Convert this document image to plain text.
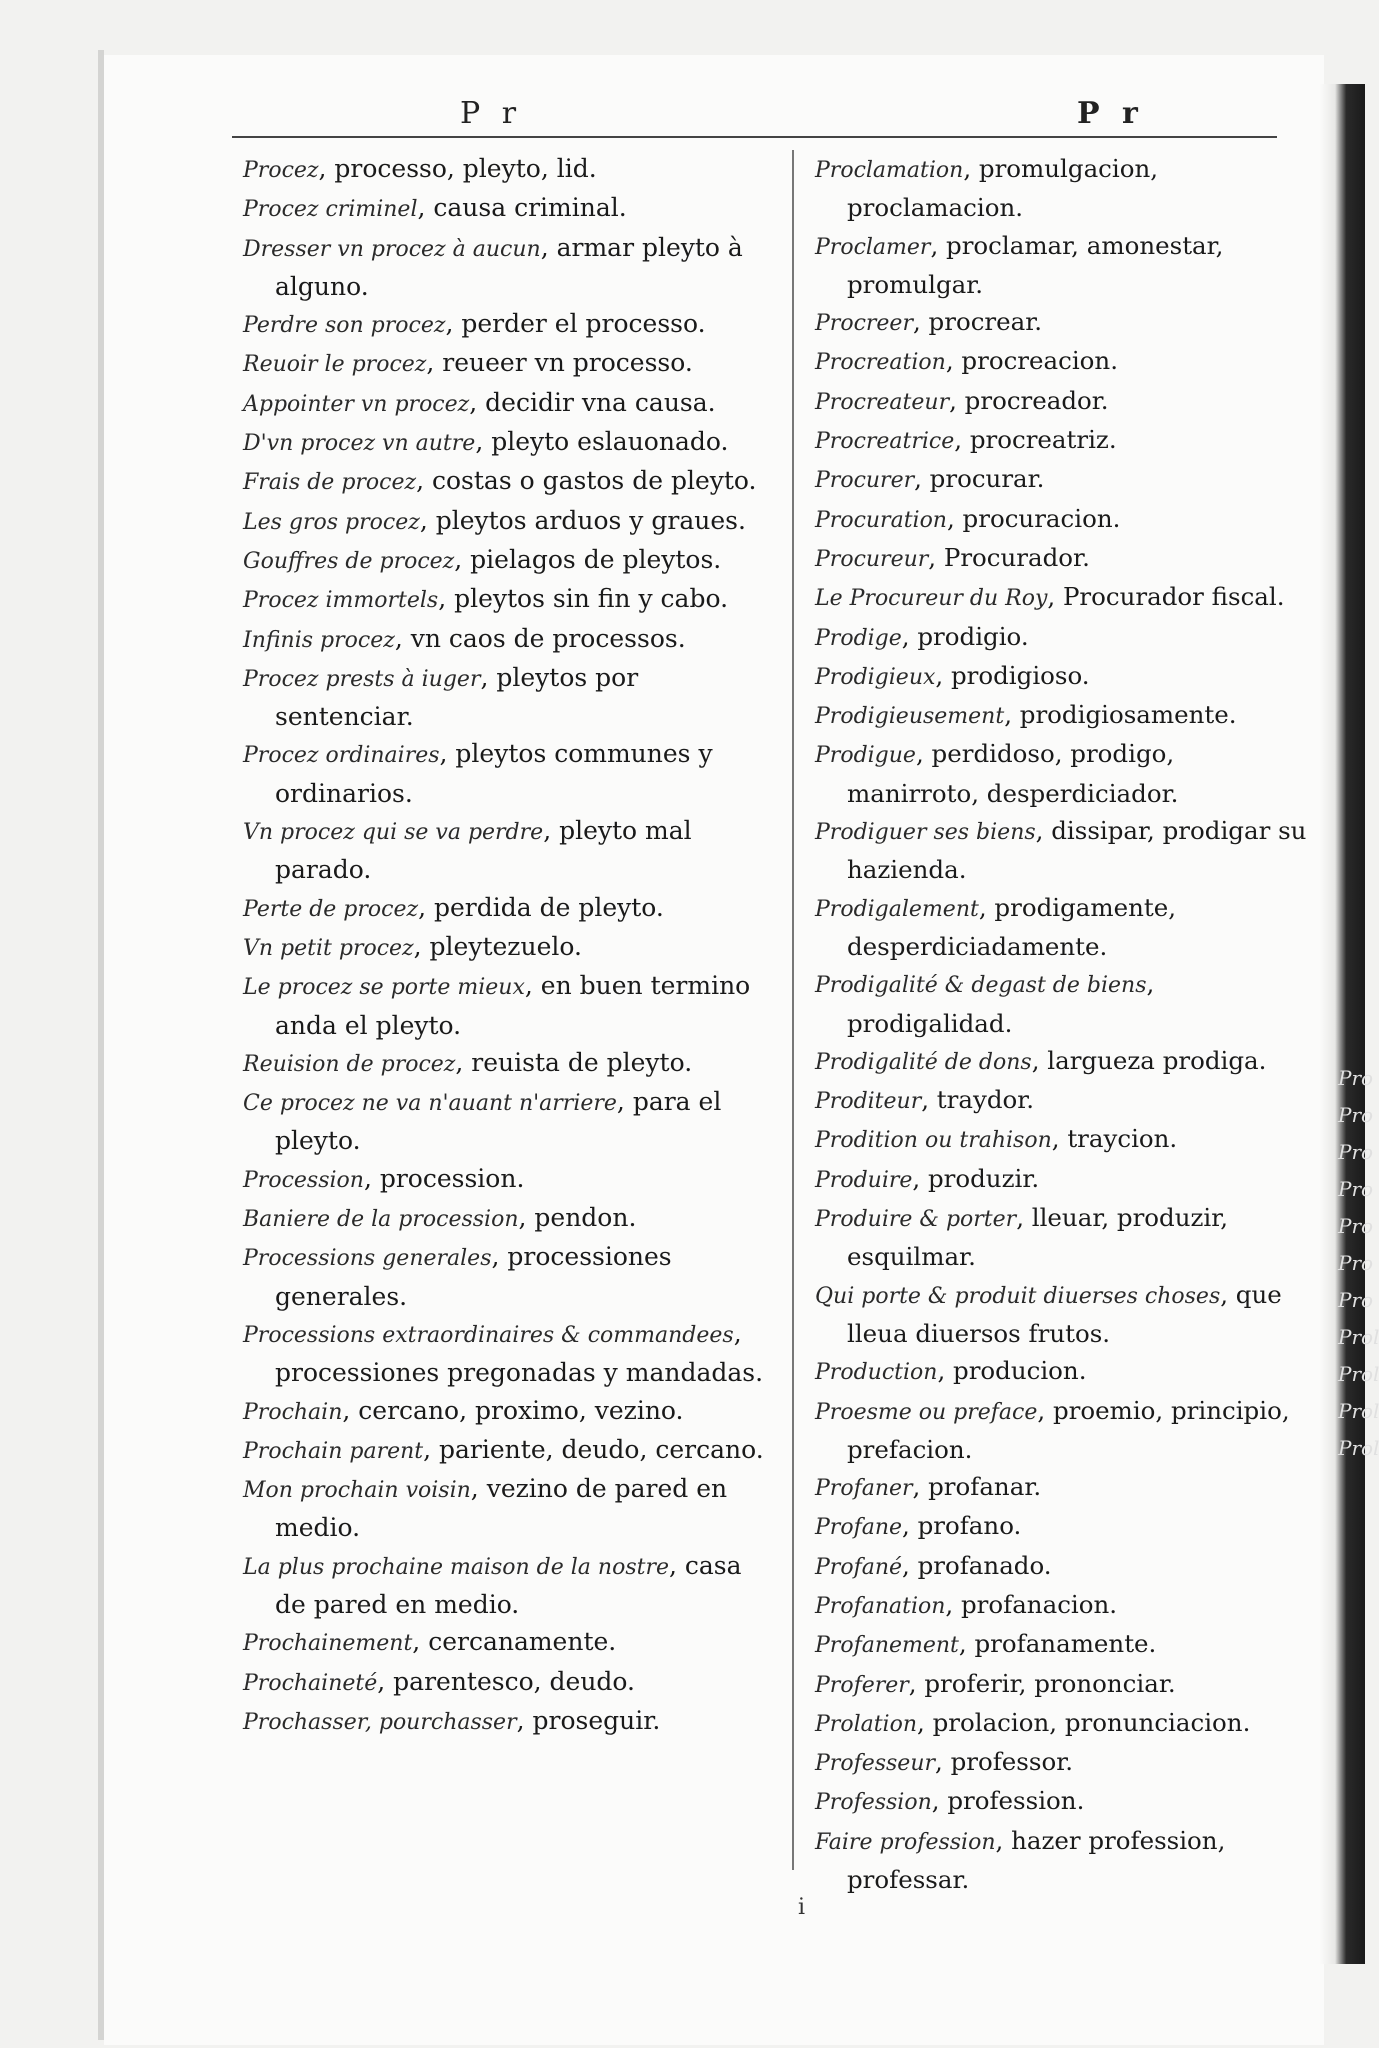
P r	P r

Procez, processo, pleyto, lid.

Procez criminel, causa criminal.

Dresser vn procez à aucun, armar pleyto à alguno.

Perdre son procez, perder el processo.

Reuoir le procez, reueer vn processo.

Appointer vn procez, decidir vna causa.

D'vn procez vn autre, pleyto eslauonado.

Frais de procez, costas o gastos de pleyto.

Les gros procez, pleytos arduos y graues.

Gouffres de procez, pielagos de pleytos.

Procez immortels, pleytos sin fin y cabo.

Infinis procez, vn caos de processos.

Procez prests à iuger, pleytos por sentenciar.

Procez ordinaires, pleytos communes y ordinarios.

Vn procez qui se va perdre, pleyto mal parado.

Perte de procez, perdida de pleyto.

Vn petit procez, pleytezuelo.

Le procez se porte mieux, en buen termino anda el pleyto.

Reuision de procez, reuista de pleyto.

Ce procez ne va n'auant n'arriere, para el pleyto.

Procession, procession.

Baniere de la procession, pendon.

Processions generales, processiones generales.

Processions extraordinaires & commandees, processiones pregonadas y mandadas.

Prochain, cercano, proximo, vezino.

Prochain parent, pariente, deudo, cercano.

Mon prochain voisin, vezino de pared en medio.

La plus prochaine maison de la nostre, casa de pared en medio.

Prochainement, cercanamente.

Prochaineté, parentesco, deudo.

Prochasser, pourchasser, proseguir.

Proclamation, promulgacion, proclamacion.

Proclamer, proclamar, amonestar, promulgar.

Procreer, procrear.

Procreation, procreacion.

Procreateur, procreador.

Procreatrice, procreatriz.

Procurer, procurar.

Procuration, procuracion.

Procureur, Procurador.

Le Procureur du Roy, Procurador fiscal.

Prodige, prodigio.

Prodigieux, prodigioso.

Prodigieusement, prodigiosamente.

Prodigue, perdidoso, prodigo, manirroto, desperdiciador.

Prodiguer ses biens, dissipar, prodigar su hazienda.

Prodigalement, prodigamente, desperdiciadamente.

Prodigalité & degast de biens, prodigalidad.

Prodigalité de dons, largueza prodiga.

Proditeur, traydor.

Prodition ou trahison, traycion.

Produire, produzir.

Produire & porter, lleuar, produzir, esquilmar.

Qui porte & produit diuerses choses, que lleua diuersos frutos.

Production, producion.

Proesme ou preface, proemio, principio, prefacion.

Profaner, profanar.

Profane, profano.

Profané, profanado.

Profanation, profanacion.

Profanement, profanamente.

Proferer, proferir, prononciar.

Prolation, prolacion, pronunciacion.

Professeur, professor.

Profession, profession.

Faire profession, hazer profession, professar.

Pro
Pro
Pro
Pro
Pro
Pro
Pro
Prol
Prol
Prol
Prol
i
